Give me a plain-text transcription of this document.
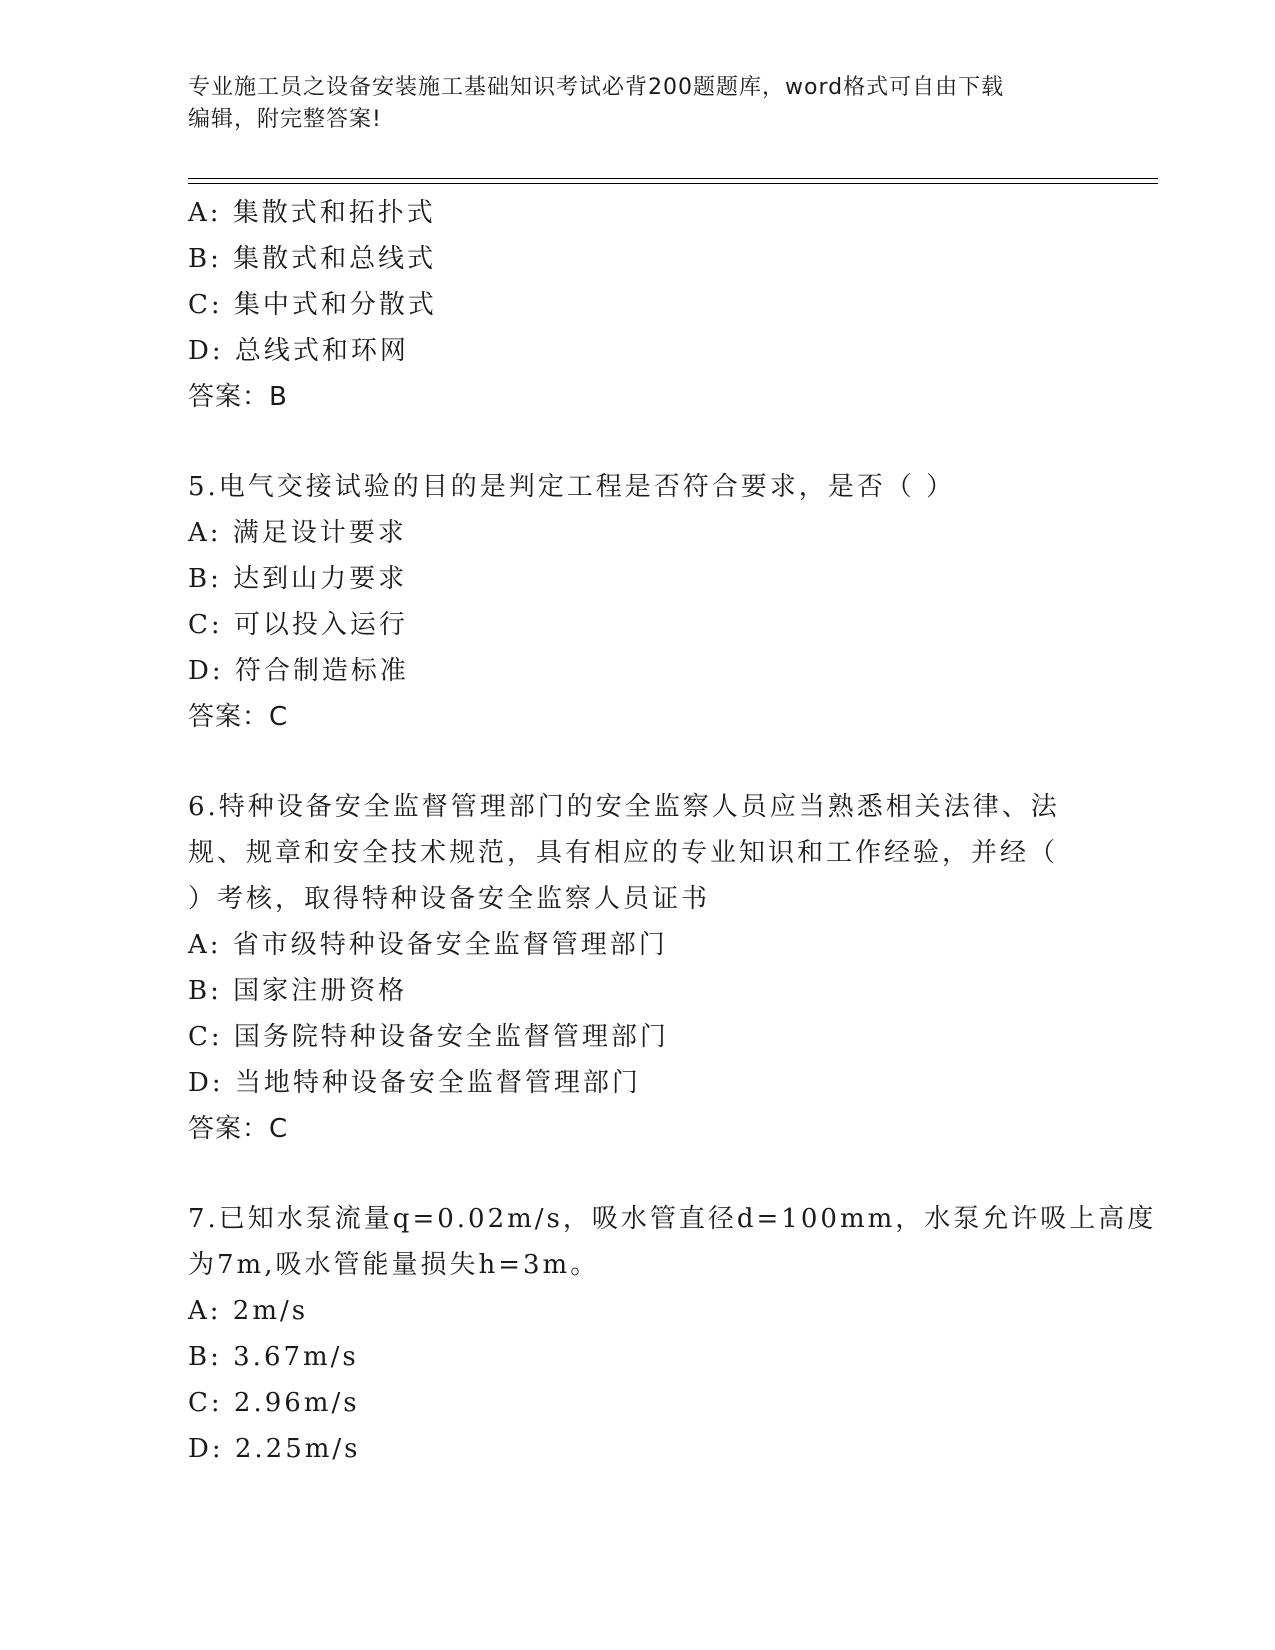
专业施工员之设备安装施工基础知识考试必背200题题库，word格式可自由下载
编辑，附完整答案!
A: 集散式和拓扑式
B: 集散式和总线式
C: 集中式和分散式
D: 总线式和环网
答案：B
5.电气交接试验的目的是判定工程是否符合要求，是否（ ）
A: 满足设计要求
B: 达到山力要求
C: 可以投入运行
D: 符合制造标准
答案：C
6.特种设备安全监督管理部门的安全监察人员应当熟悉相关法律、法
规、规章和安全技术规范，具有相应的专业知识和工作经验，并经（
）考核，取得特种设备安全监察人员证书
A: 省市级特种设备安全监督管理部门
B: 国家注册资格
C: 国务院特种设备安全监督管理部门
D: 当地特种设备安全监督管理部门
答案：C
7.已知水泵流量q=0.02m/s，吸水管直径d=100mm，水泵允许吸上高度
为7m,吸水管能量损失h=3m。
A: 2m/s
B: 3.67m/s
C: 2.96m/s
D: 2.25m/s
